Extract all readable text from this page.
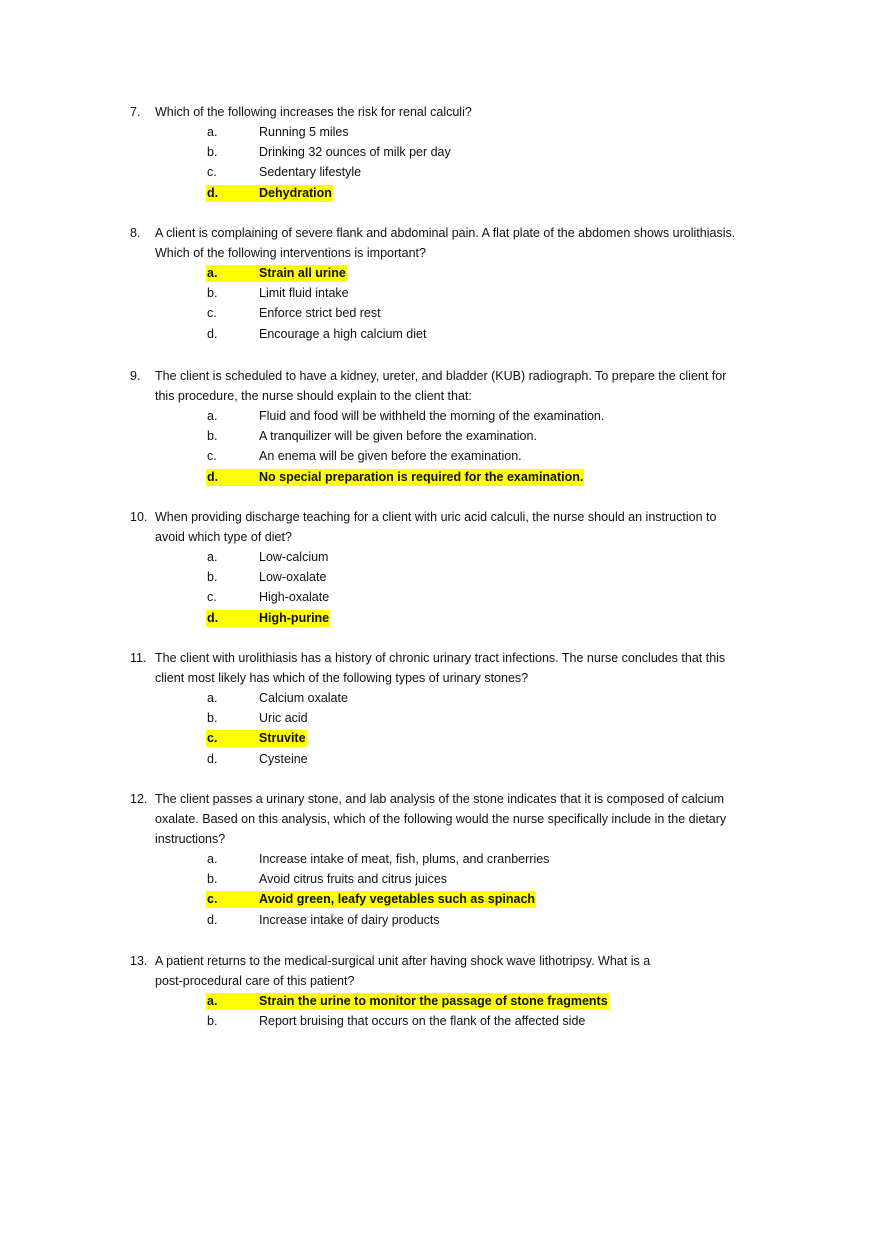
7. Which of the following increases the risk for renal calculi?
a.	Running 5 miles
b.	Drinking 32 ounces of milk per day
c.	Sedentary lifestyle
d.	Dehydration
8. A client is complaining of severe flank and abdominal pain. A flat plate of the abdomen shows urolithiasis.
Which of the following interventions is important?
a.	Strain all urine
b.	Limit fluid intake
c.	Enforce strict bed rest
d.	Encourage a high calcium diet
9. The client is scheduled to have a kidney, ureter, and bladder (KUB) radiograph. To prepare the client for
this procedure, the nurse should explain to the client that:
a.	Fluid and food will be withheld the morning of the examination.
b.	A tranquilizer will be given before the examination.
c.	An enema will be given before the examination.
d.	No special preparation is required for the examination.
10. When providing discharge teaching for a client with uric acid calculi, the nurse should an instruction to
avoid which type of diet?
a.	Low-calcium
b.	Low-oxalate
c.	High-oxalate
d.	High-purine
11. The client with urolithiasis has a history of chronic urinary tract infections. The nurse concludes that this
client most likely has which of the following types of urinary stones?
a.	Calcium oxalate
b.	Uric acid
c.	Struvite
d.	Cysteine
12. The client passes a urinary stone, and lab analysis of the stone indicates that it is composed of calcium
oxalate. Based on this analysis, which of the following would the nurse specifically include in the dietary
instructions?
a.	Increase intake of meat, fish, plums, and cranberries
b.	Avoid citrus fruits and citrus juices
c.	Avoid green, leafy vegetables such as spinach
d.	Increase intake of dairy products
13. A patient returns to the medical-surgical unit after having shock wave lithotripsy. What is a
post-procedural care of this patient?
a.	Strain the urine to monitor the passage of stone fragments
b.	Report bruising that occurs on the flank of the affected side
